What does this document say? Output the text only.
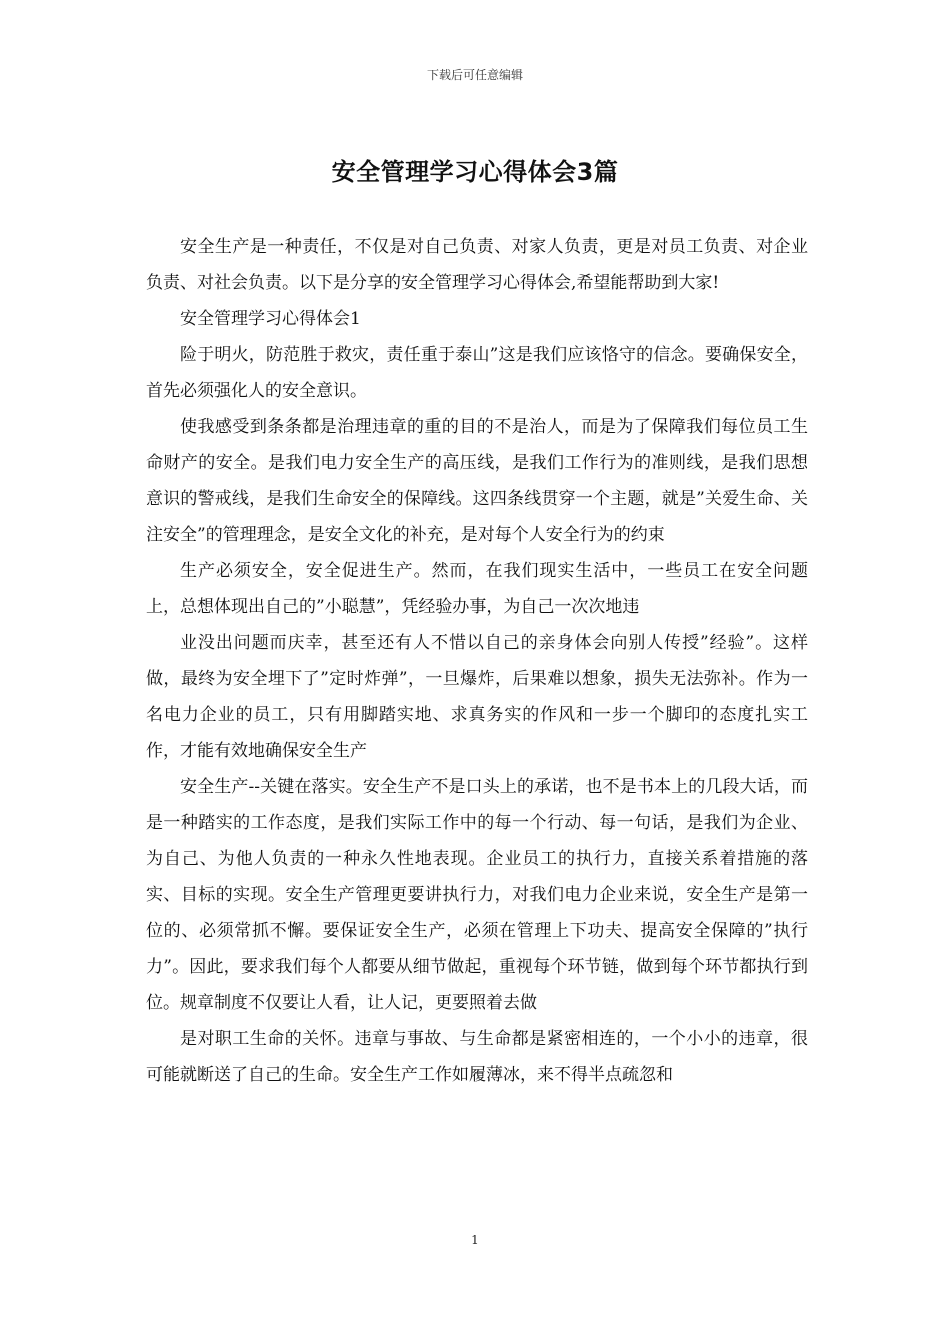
下载后可任意编辑
安全管理学习心得体会3篇

安全生产是一种责任，不仅是对自己负责、对家人负责，更是对员工负责、对企业负责、对社会负责。以下是分享的安全管理学习心得体会,希望能帮助到大家!

安全管理学习心得体会1

险于明火，防范胜于救灾，责任重于泰山”这是我们应该恪守的信念。要确保安全，首先必须强化人的安全意识。

使我感受到条条都是治理违章的重的目的不是治人，而是为了保障我们每位员工生命财产的安全。是我们电力安全生产的高压线，是我们工作行为的准则线，是我们思想意识的警戒线，是我们生命安全的保障线。这四条线贯穿一个主题，就是”关爱生命、关注安全”的管理理念，是安全文化的补充，是对每个人安全行为的约束

生产必须安全，安全促进生产。然而，在我们现实生活中，一些员工在安全问题上，总想体现出自己的”小聪慧”，凭经验办事，为自己一次次地违

业没出问题而庆幸，甚至还有人不惜以自己的亲身体会向别人传授”经验”。这样做，最终为安全埋下了”定时炸弹”，一旦爆炸，后果难以想象，损失无法弥补。作为一名电力企业的员工，只有用脚踏实地、求真务实的作风和一步一个脚印的态度扎实工作，才能有效地确保安全生产

安全生产--关键在落实。安全生产不是口头上的承诺，也不是书本上的几段大话，而是一种踏实的工作态度，是我们实际工作中的每一个行动、每一句话，是我们为企业、为自己、为他人负责的一种永久性地表现。企业员工的执行力，直接关系着措施的落实、目标的实现。安全生产管理更要讲执行力，对我们电力企业来说，安全生产是第一位的、必须常抓不懈。要保证安全生产，必须在管理上下功夫、提高安全保障的”执行力”。因此，要求我们每个人都要从细节做起，重视每个环节链，做到每个环节都执行到位。规章制度不仅要让人看，让人记，更要照着去做

是对职工生命的关怀。违章与事故、与生命都是紧密相连的，一个小小的违章，很可能就断送了自己的生命。安全生产工作如履薄冰，来不得半点疏忽和

1
